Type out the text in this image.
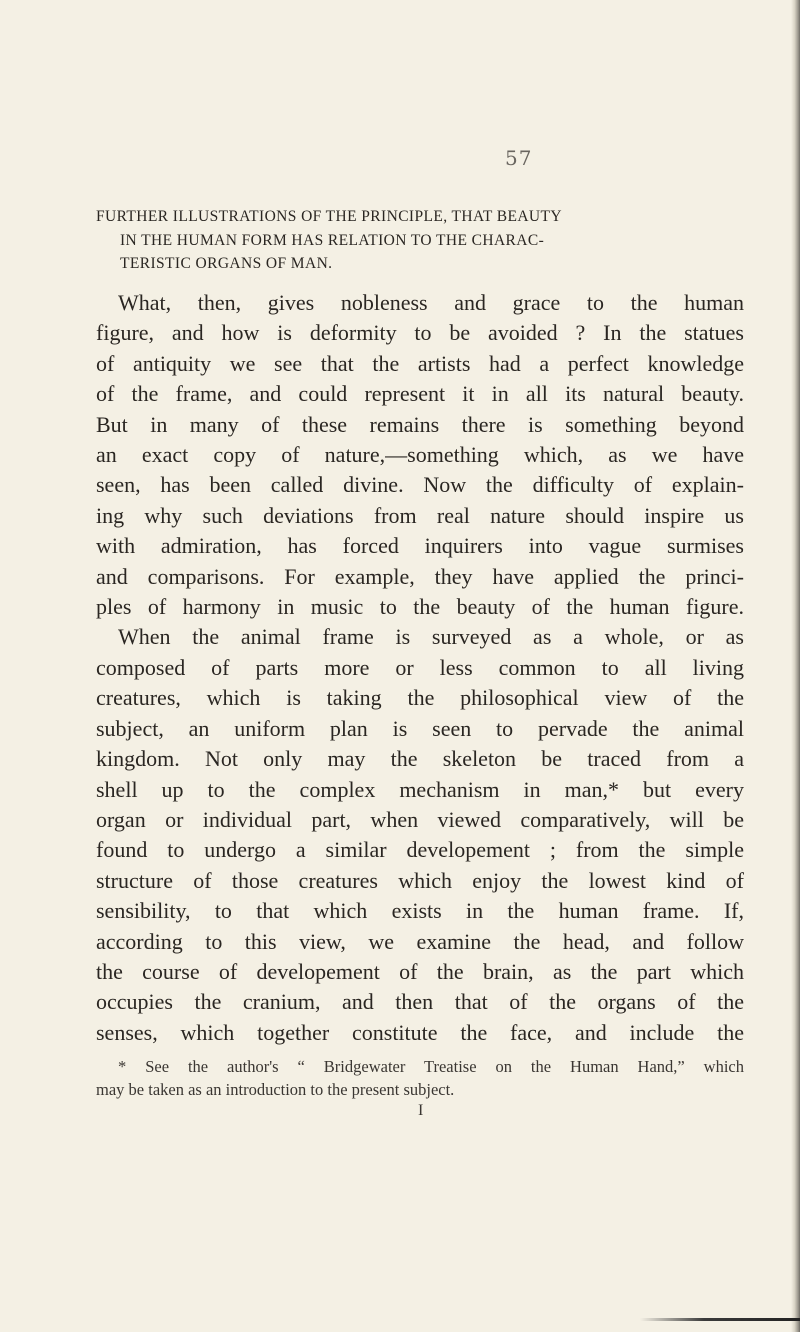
57
FURTHER ILLUSTRATIONS OF THE PRINCIPLE, THAT BEAUTY
IN THE HUMAN FORM HAS RELATION TO THE CHARAC-
TERISTIC ORGANS OF MAN.
What, then, gives nobleness and grace to the human
figure, and how is deformity to be avoided ? In the statues
of antiquity we see that the artists had a perfect knowledge
of the frame, and could represent it in all its natural beauty.
But in many of these remains there is something beyond
an exact copy of nature,—something which, as we have
seen, has been called divine. Now the difficulty of explain-
ing why such deviations from real nature should inspire us
with admiration, has forced inquirers into vague surmises
and comparisons. For example, they have applied the princi-
ples of harmony in music to the beauty of the human figure.
When the animal frame is surveyed as a whole, or as
composed of parts more or less common to all living
creatures, which is taking the philosophical view of the
subject, an uniform plan is seen to pervade the animal
kingdom. Not only may the skeleton be traced from a
shell up to the complex mechanism in man,* but every
organ or individual part, when viewed comparatively, will be
found to undergo a similar developement ; from the simple
structure of those creatures which enjoy the lowest kind of
sensibility, to that which exists in the human frame. If,
according to this view, we examine the head, and follow
the course of developement of the brain, as the part which
occupies the cranium, and then that of the organs of the
senses, which together constitute the face, and include the
* See the author's “ Bridgewater Treatise on the Human Hand,” which
may be taken as an introduction to the present subject.
I
